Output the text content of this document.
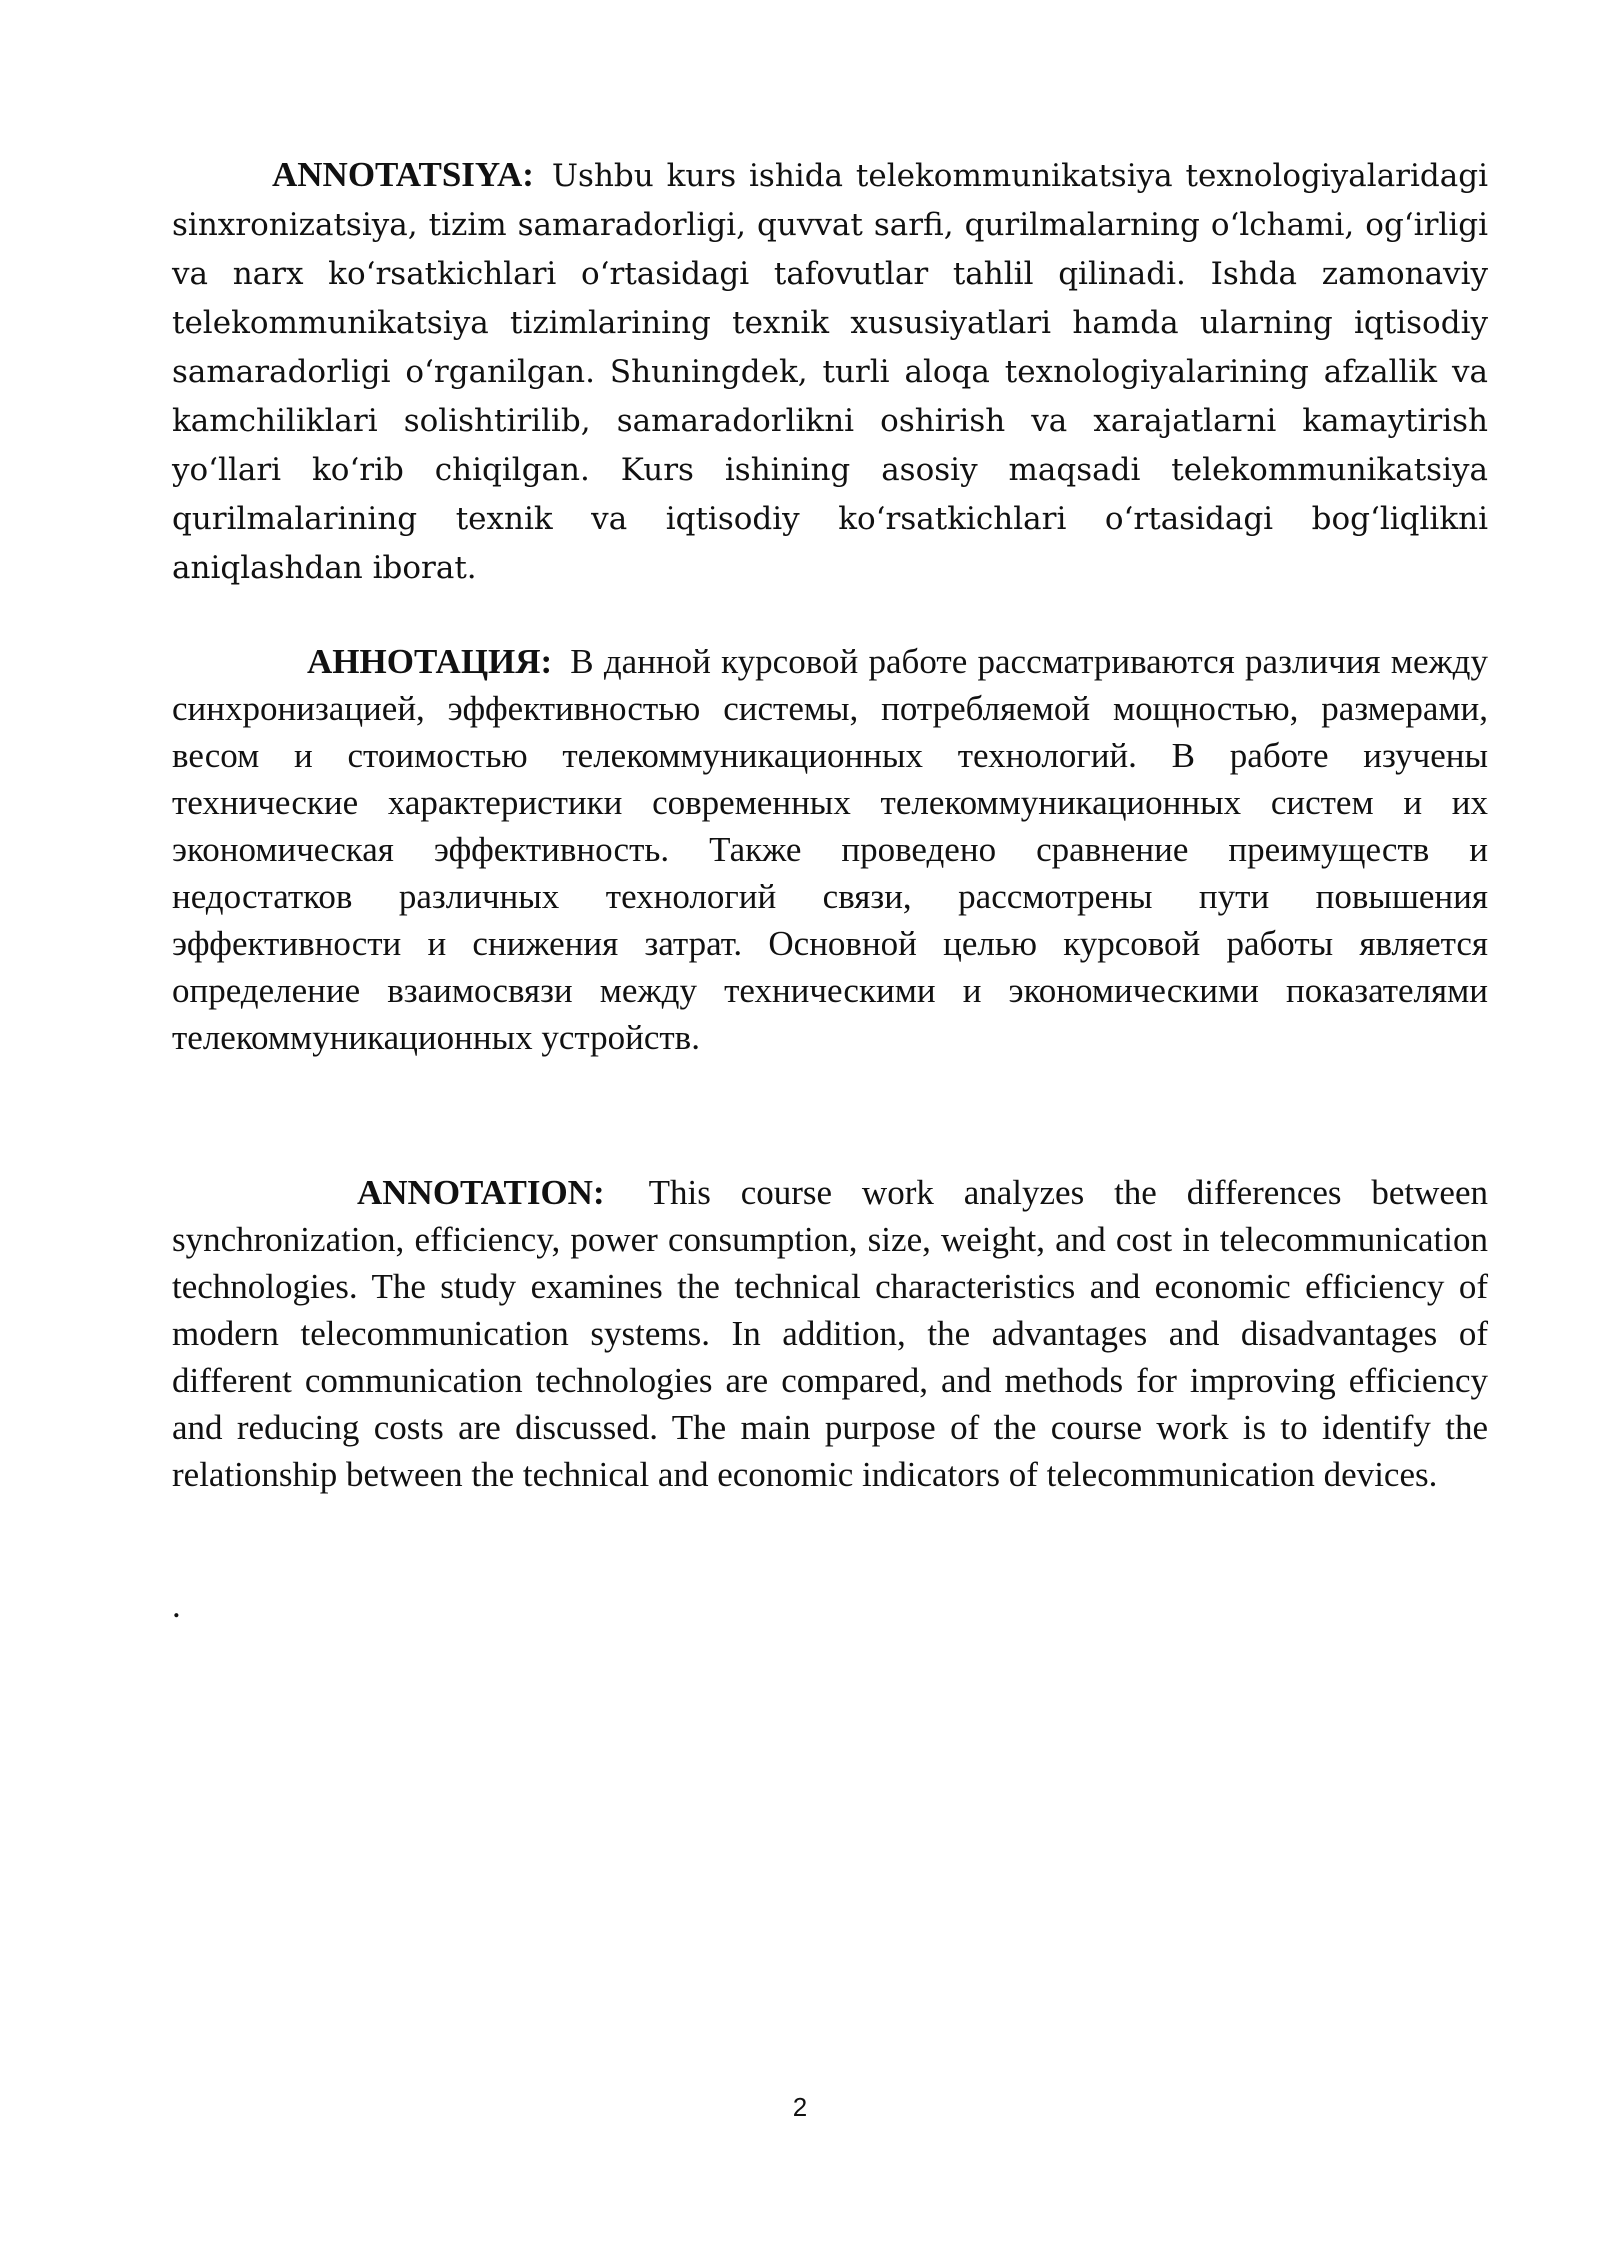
ANNOTATSIYA: Ushbu kurs ishida telekommunikatsiya texnologiyalaridagi sinxronizatsiya, tizim samaradorligi, quvvat sarfi, qurilmalarning o‘lchami, og‘irligi va narx ko‘rsatkichlari o‘rtasidagi tafovutlar tahlil qilinadi. Ishda zamonaviy telekommunikatsiya tizimlarining texnik xususiyatlari hamda ularning iqtisodiy samaradorligi o‘rganilgan. Shuningdek, turli aloqa texnologiyalarining afzallik va kamchiliklari solishtirilib, samaradorlikni oshirish va xarajatlarni kamaytirish yo‘llari ko‘rib chiqilgan. Kurs ishining asosiy maqsadi telekommunikatsiya qurilmalarining texnik va iqtisodiy ko‘rsatkichlari o‘rtasidagi bog‘liqlikni aniqlashdan iborat.

АННОТАЦИЯ: В данной курсовой работе рассматриваются различия между синхронизацией, эффективностью системы, потребляемой мощностью, размерами, весом и стоимостью телекоммуникационных технологий. В работе изучены технические характеристики современных телекоммуникационных систем и их экономическая эффективность. Также проведено сравнение преимуществ и недостатков различных технологий связи, рассмотрены пути повышения эффективности и снижения затрат. Основной целью курсовой работы является определение взаимосвязи между техническими и экономическими показателями телекоммуникационных устройств.

ANNOTATION: This course work analyzes the differences between synchronization, efficiency, power consumption, size, weight, and cost in telecommunication technologies. The study examines the technical characteristics and economic efficiency of modern telecommunication systems. In addition, the advantages and disadvantages of different communication technologies are compared, and methods for improving efficiency and reducing costs are discussed. The main purpose of the course work is to identify the relationship between the technical and economic indicators of telecommunication devices.

.
2
